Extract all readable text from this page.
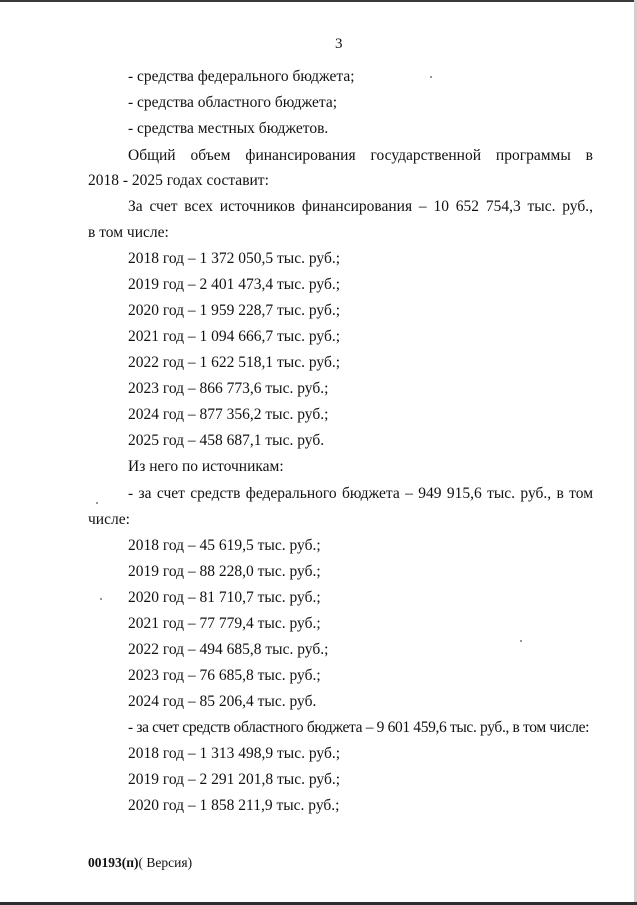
3
- средства федерального бюджета;
- средства областного бюджета;
- средства местных бюджетов.
Общий объем финансирования государственной программы в
2018 - 2025 годах составит:
За счет всех источников финансирования – 10 652 754,3 тыс. руб.,
в том числе:
2018 год – 1 372 050,5 тыс. руб.;
2019 год – 2 401 473,4 тыс. руб.;
2020 год – 1 959 228,7 тыс. руб.;
2021 год – 1 094 666,7 тыс. руб.;
2022 год – 1 622 518,1 тыс. руб.;
2023 год – 866 773,6 тыс. руб.;
2024 год – 877 356,2 тыс. руб.;
2025 год – 458 687,1 тыс. руб.
Из него по источникам:
- за счет средств федерального бюджета – 949 915,6 тыс. руб., в том
числе:
2018 год – 45 619,5 тыс. руб.;
2019 год – 88 228,0 тыс. руб.;
2020 год – 81 710,7 тыс. руб.;
2021 год – 77 779,4 тыс. руб.;
2022 год – 494 685,8 тыс. руб.;
2023 год – 76 685,8 тыс. руб.;
2024 год – 85 206,4 тыс. руб.
- за счет средств областного бюджета – 9 601 459,6 тыс. руб., в том числе:
2018 год – 1 313 498,9 тыс. руб.;
2019 год – 2 291 201,8 тыс. руб.;
2020 год – 1 858 211,9 тыс. руб.;
00193(п)( Версия)
